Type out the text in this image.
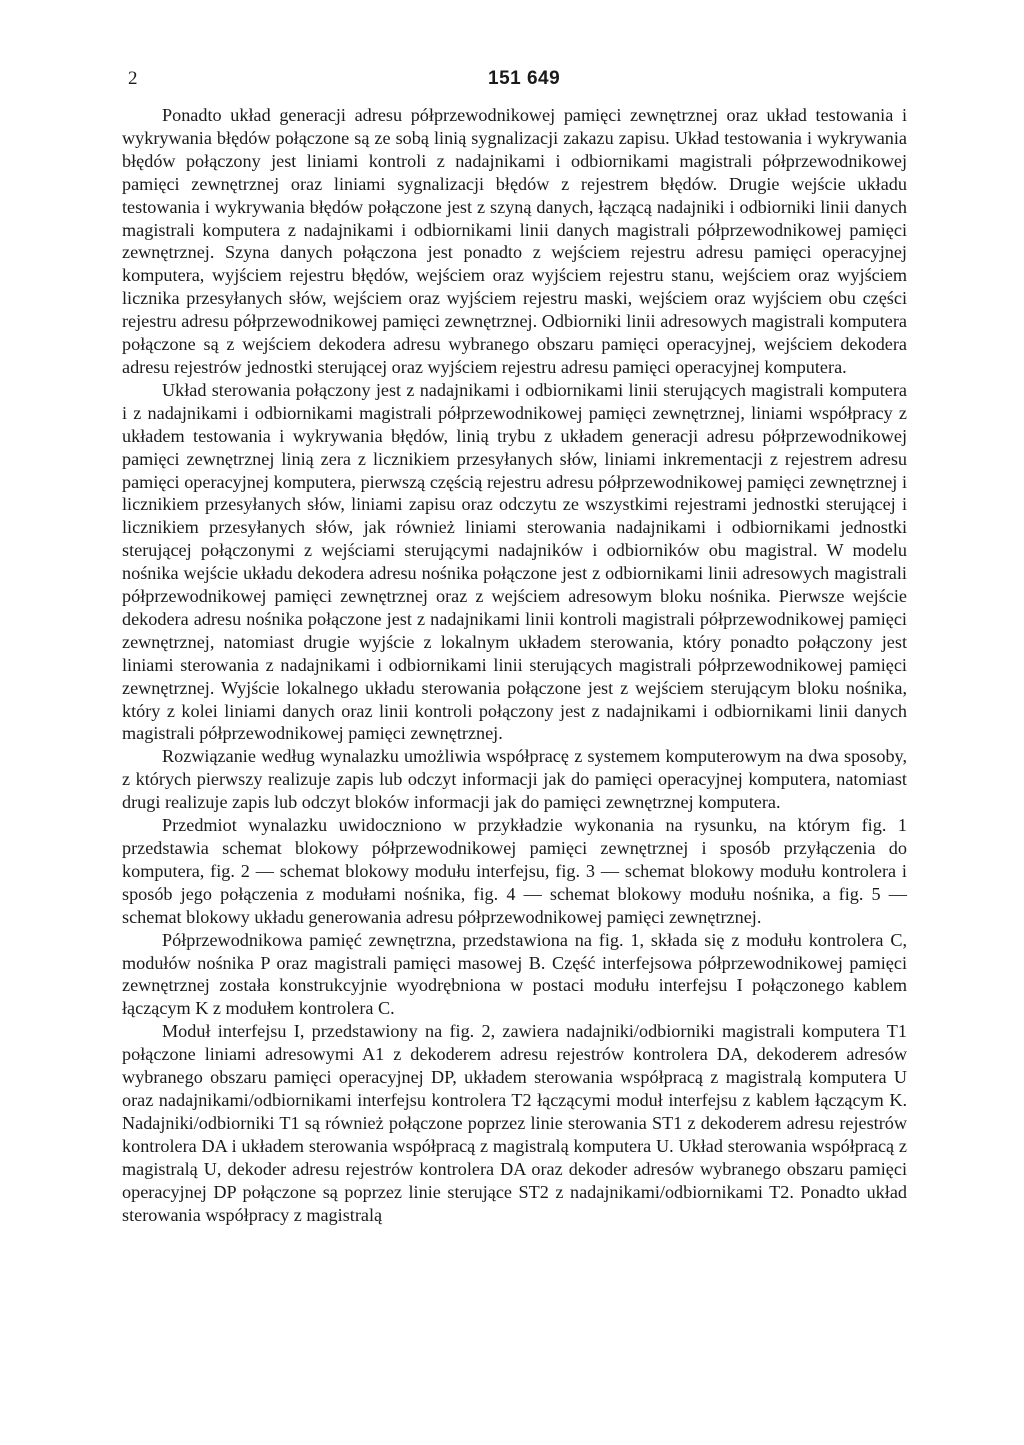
2	151 649

Ponadto układ generacji adresu półprzewodnikowej pamięci zewnętrznej oraz układ testowania i wykrywania błędów połączone są ze sobą linią sygnalizacji zakazu zapisu. Układ testowania i wykrywania błędów połączony jest liniami kontroli z nadajnikami i odbiornikami magistrali półprzewodnikowej pamięci zewnętrznej oraz liniami sygnalizacji błędów z rejestrem błędów. Drugie wejście układu testowania i wykrywania błędów połączone jest z szyną danych, łączącą nadajniki i odbiorniki linii danych magistrali komputera z nadajnikami i odbiornikami linii danych magistrali półprzewodnikowej pamięci zewnętrznej. Szyna danych połączona jest ponadto z wejściem rejestru adresu pamięci operacyjnej komputera, wyjściem rejestru błędów, wejściem oraz wyjściem rejestru stanu, wejściem oraz wyjściem licznika przesyłanych słów, wejściem oraz wyjściem rejestru maski, wejściem oraz wyjściem obu części rejestru adresu półprzewodnikowej pamięci zewnętrznej. Odbiorniki linii adresowych magistrali komputera połączone są z wejściem dekodera adresu wybranego obszaru pamięci operacyjnej, wejściem dekodera adresu rejestrów jednostki sterującej oraz wyjściem rejestru adresu pamięci operacyjnej komputera.

Układ sterowania połączony jest z nadajnikami i odbiornikami linii sterujących magistrali komputera i z nadajnikami i odbiornikami magistrali półprzewodnikowej pamięci zewnętrznej, liniami współpracy z układem testowania i wykrywania błędów, linią trybu z układem generacji adresu półprzewodnikowej pamięci zewnętrznej linią zera z licznikiem przesyłanych słów, liniami inkrementacji z rejestrem adresu pamięci operacyjnej komputera, pierwszą częścią rejestru adresu półprzewodnikowej pamięci zewnętrznej i licznikiem przesyłanych słów, liniami zapisu oraz odczytu ze wszystkimi rejestrami jednostki sterującej i licznikiem przesyłanych słów, jak również liniami sterowania nadajnikami i odbiornikami jednostki sterującej połączonymi z wejściami sterującymi nadajników i odbiorników obu magistral. W modelu nośnika wejście układu dekodera adresu nośnika połączone jest z odbiornikami linii adresowych magistrali półprzewodnikowej pamięci zewnętrznej oraz z wejściem adresowym bloku nośnika. Pierwsze wejście dekodera adresu nośnika połączone jest z nadajnikami linii kontroli magistrali półprzewodnikowej pamięci zewnętrznej, natomiast drugie wyjście z lokalnym układem sterowania, który ponadto połączony jest liniami sterowania z nadajnikami i odbiornikami linii sterujących magistrali półprzewodnikowej pamięci zewnętrznej. Wyjście lokalnego układu sterowania połączone jest z wejściem sterującym bloku nośnika, który z kolei liniami danych oraz linii kontroli połączony jest z nadajnikami i odbiornikami linii danych magistrali półprzewodnikowej pamięci zewnętrznej.

Rozwiązanie według wynalazku umożliwia współpracę z systemem komputerowym na dwa sposoby, z których pierwszy realizuje zapis lub odczyt informacji jak do pamięci operacyjnej komputera, natomiast drugi realizuje zapis lub odczyt bloków informacji jak do pamięci zewnętrznej komputera.

Przedmiot wynalazku uwidoczniono w przykładzie wykonania na rysunku, na którym fig. 1 przedstawia schemat blokowy półprzewodnikowej pamięci zewnętrznej i sposób przyłączenia do komputera, fig. 2 — schemat blokowy modułu interfejsu, fig. 3 — schemat blokowy modułu kontrolera i sposób jego połączenia z modułami nośnika, fig. 4 — schemat blokowy modułu nośnika, a fig. 5 — schemat blokowy układu generowania adresu półprzewodnikowej pamięci zewnętrznej.

Półprzewodnikowa pamięć zewnętrzna, przedstawiona na fig. 1, składa się z modułu kontrolera C, modułów nośnika P oraz magistrali pamięci masowej B. Część interfejsowa półprzewodnikowej pamięci zewnętrznej została konstrukcyjnie wyodrębniona w postaci modułu interfejsu I połączonego kablem łączącym K z modułem kontrolera C.

Moduł interfejsu I, przedstawiony na fig. 2, zawiera nadajniki/odbiorniki magistrali komputera T1 połączone liniami adresowymi A1 z dekoderem adresu rejestrów kontrolera DA, dekoderem adresów wybranego obszaru pamięci operacyjnej DP, układem sterowania współpracą z magistralą komputera U oraz nadajnikami/odbiornikami interfejsu kontrolera T2 łączącymi moduł interfejsu z kablem łączącym K. Nadajniki/odbiorniki T1 są również połączone poprzez linie sterowania ST1 z dekoderem adresu rejestrów kontrolera DA i układem sterowania współpracą z magistralą komputera U. Układ sterowania współpracą z magistralą U, dekoder adresu rejestrów kontrolera DA oraz dekoder adresów wybranego obszaru pamięci operacyjnej DP połączone są poprzez linie sterujące ST2 z nadajnikami/odbiornikami T2. Ponadto układ sterowania współpracy z magistralą
